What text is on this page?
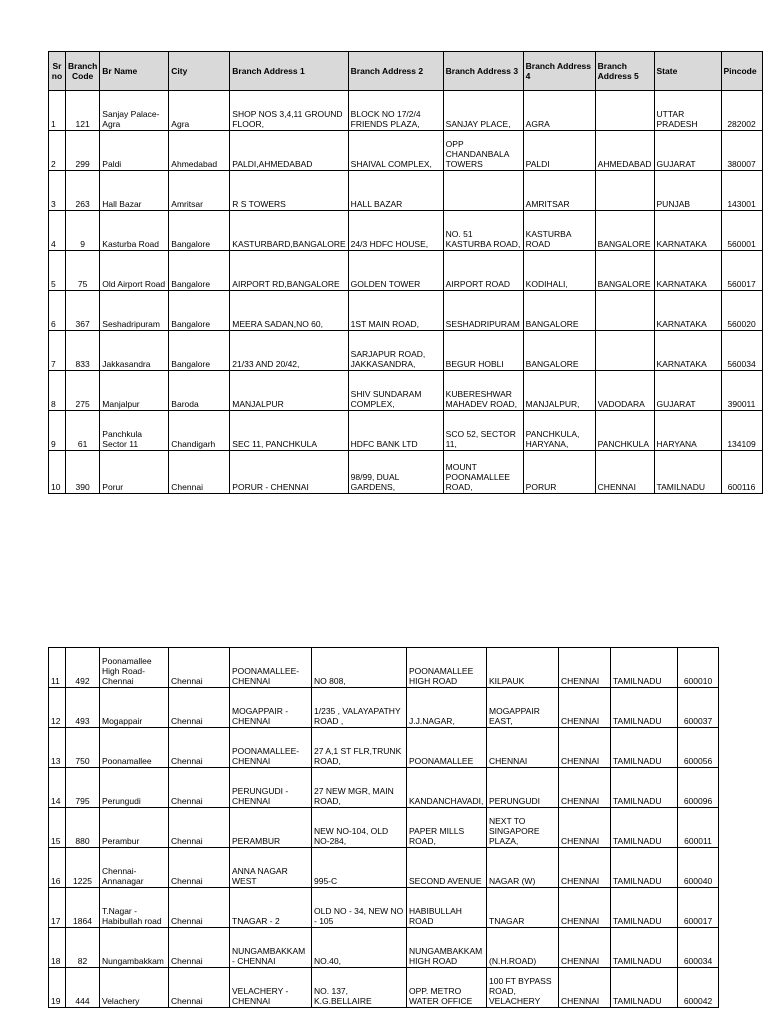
Sr no	Branch Code	Br Name	City	Branch Address 1	Branch Address 2	Branch Address 3	Branch Address 4	Branch Address 5	State	Pincode
1	121	Sanjay Palace-Agra	Agra	SHOP NOS 3,4,11 GROUND FLOOR,	BLOCK NO 17/2/4 FRIENDS PLAZA,	SANJAY PLACE,	AGRA		UTTAR PRADESH	282002
2	299	Paldi	Ahmedabad	PALDI,AHMEDABAD	SHAIVAL COMPLEX,	OPP CHANDANBALA TOWERS	PALDI	AHMEDABAD	GUJARAT	380007
3	263	Hall Bazar	Amritsar	R S TOWERS	HALL BAZAR		AMRITSAR		PUNJAB	143001
4	9	Kasturba Road	Bangalore	KASTURBARD,BANGALORE	24/3 HDFC HOUSE,	NO. 51 KASTURBA ROAD,	KASTURBA ROAD	BANGALORE	KARNATAKA	560001
5	75	Old Airport Road	Bangalore	AIRPORT RD,BANGALORE	GOLDEN TOWER	AIRPORT ROAD	KODIHALI,	BANGALORE	KARNATAKA	560017
6	367	Seshadripuram	Bangalore	MEERA SADAN,NO 60,	1ST MAIN ROAD,	SESHADRIPURAM	BANGALORE		KARNATAKA	560020
7	833	Jakkasandra	Bangalore	21/33 AND 20/42,	SARJAPUR ROAD, JAKKASANDRA,	BEGUR HOBLI	BANGALORE		KARNATAKA	560034
8	275	Manjalpur	Baroda	MANJALPUR	SHIV SUNDARAM COMPLEX,	KUBERESHWAR MAHADEV ROAD,	MANJALPUR,	VADODARA	GUJARAT	390011
9	61	Panchkula Sector 11	Chandigarh	SEC 11, PANCHKULA	HDFC BANK LTD	SCO 52, SECTOR 11,	PANCHKULA, HARYANA,	PANCHKULA	HARYANA	134109
10	390	Porur	Chennai	PORUR - CHENNAI	98/99, DUAL GARDENS,	MOUNT POONAMALLEE ROAD,	PORUR	CHENNAI	TAMILNADU	600116
11	492	Poonamallee High Road-Chennai	Chennai	POONAMALLEE-CHENNAI	NO 808,	POONAMALLEE HIGH ROAD	KILPAUK	CHENNAI	TAMILNADU	600010
12	493	Mogappair	Chennai	MOGAPPAIR - CHENNAI	1/235 , VALAYAPATHY ROAD ,	J.J.NAGAR,	MOGAPPAIR EAST,	CHENNAI	TAMILNADU	600037
13	750	Poonamallee	Chennai	POONAMALLEE-CHENNAI	27 A,1 ST FLR,TRUNK ROAD,	POONAMALLEE	CHENNAI	CHENNAI	TAMILNADU	600056
14	795	Perungudi	Chennai	PERUNGUDI - CHENNAI	27 NEW MGR, MAIN ROAD,	KANDANCHAVADI,	PERUNGUDI	CHENNAI	TAMILNADU	600096
15	880	Perambur	Chennai	PERAMBUR	NEW NO-104, OLD NO-284,	PAPER MILLS ROAD,	NEXT TO SINGAPORE PLAZA,	CHENNAI	TAMILNADU	600011
16	1225	Chennai-Annanagar	Chennai	ANNA NAGAR WEST	995-C	SECOND AVENUE	NAGAR (W)	CHENNAI	TAMILNADU	600040
17	1864	T.Nagar - Habibullah road	Chennai	TNAGAR - 2	OLD NO - 34, NEW NO - 105	HABIBULLAH ROAD	TNAGAR	CHENNAI	TAMILNADU	600017
18	82	Nungambakkam	Chennai	NUNGAMBAKKAM - CHENNAI	NO.40,	NUNGAMBAKKAM HIGH ROAD	(N.H.ROAD)	CHENNAI	TAMILNADU	600034
19	444	Velachery	Chennai	VELACHERY - CHENNAI	NO. 137, K.G.BELLAIRE	OPP. METRO WATER OFFICE	100 FT BYPASS ROAD, VELACHERY	CHENNAI	TAMILNADU	600042
